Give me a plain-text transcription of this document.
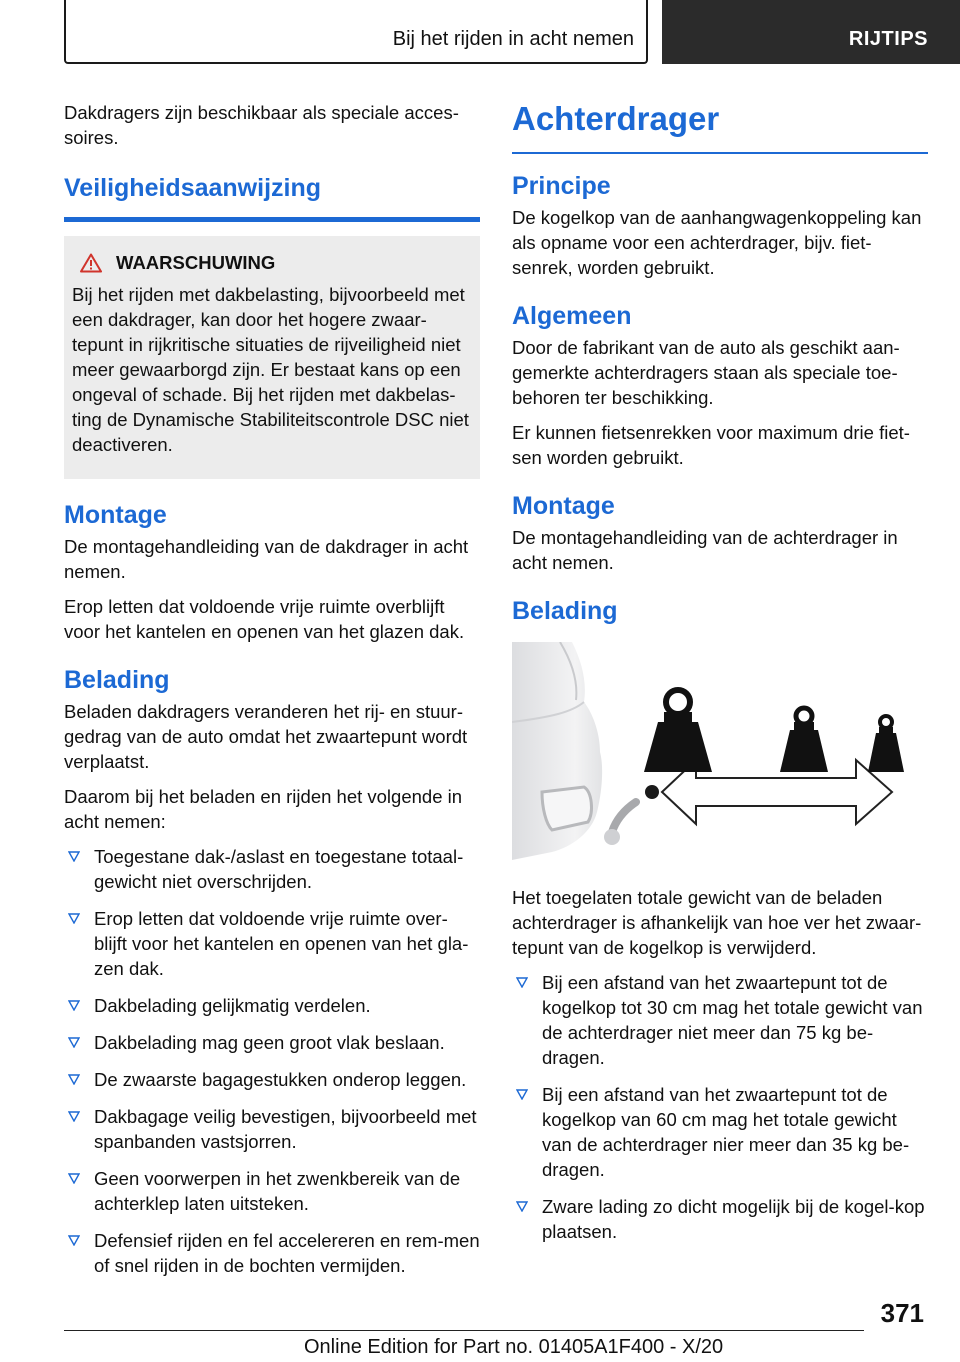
Bij het rijden in acht nemen	RIJTIPS

Dakdragers zijn beschikbaar als speciale acces-soires.

Veiligheidsaanwijzing
WAARSCHUWING

Bij het rijden met dakbelasting, bijvoorbeeld met een dakdrager, kan door het hogere zwaar-tepunt in rijkritische situaties de rijveiligheid niet meer gewaarborgd zijn. Er bestaat kans op een ongeval of schade. Bij het rijden met dakbelas-ting de Dynamische Stabiliteitscontrole DSC niet deactiveren.

Montage

De montagehandleiding van de dakdrager in acht nemen.

Erop letten dat voldoende vrije ruimte overblijft voor het kantelen en openen van het glazen dak.

Belading

Beladen dakdragers veranderen het rij- en stuur-gedrag van de auto omdat het zwaartepunt wordt verplaatst.

Daarom bij het beladen en rijden het volgende in acht nemen:

Toegestane dak-/aslast en toegestane totaal-gewicht niet overschrijden.
Erop letten dat voldoende vrije ruimte over-blijft voor het kantelen en openen van het gla-zen dak.
Dakbelading gelijkmatig verdelen.
Dakbelading mag geen groot vlak beslaan.
De zwaarste bagagestukken onderop leggen.
Dakbagage veilig bevestigen, bijvoorbeeld met spanbanden vastsjorren.
Geen voorwerpen in het zwenkbereik van de achterklep laten uitsteken.
Defensief rijden en fel accelereren en rem-men of snel rijden in de bochten vermijden.
Achterdrager
Principe

De kogelkop van de aanhangwagenkoppeling kan als opname voor een achterdrager, bijv. fiet-senrek, worden gebruikt.

Algemeen

Door de fabrikant van de auto als geschikt aan-gemerkte achterdragers staan als speciale toe-behoren ter beschikking.

Er kunnen fietsenrekken voor maximum drie fiet-sen worden gebruikt.

Montage

De montagehandleiding van de achterdrager in acht nemen.

Belading

Het toegelaten totale gewicht van de beladen achterdrager is afhankelijk van hoe ver het zwaar-tepunt van de kogelkop is verwijderd.

Bij een afstand van het zwaartepunt tot de kogelkop tot 30 cm mag het totale gewicht van de achterdrager niet meer dan 75 kg be-dragen.
Bij een afstand van het zwaartepunt tot de kogelkop van 60 cm mag het totale gewicht van de achterdrager nier meer dan 35 kg be-dragen.
Zware lading zo dicht mogelijk bij de kogel-kop plaatsen.
371
Online Edition for Part no. 01405A1F400 - X/20
